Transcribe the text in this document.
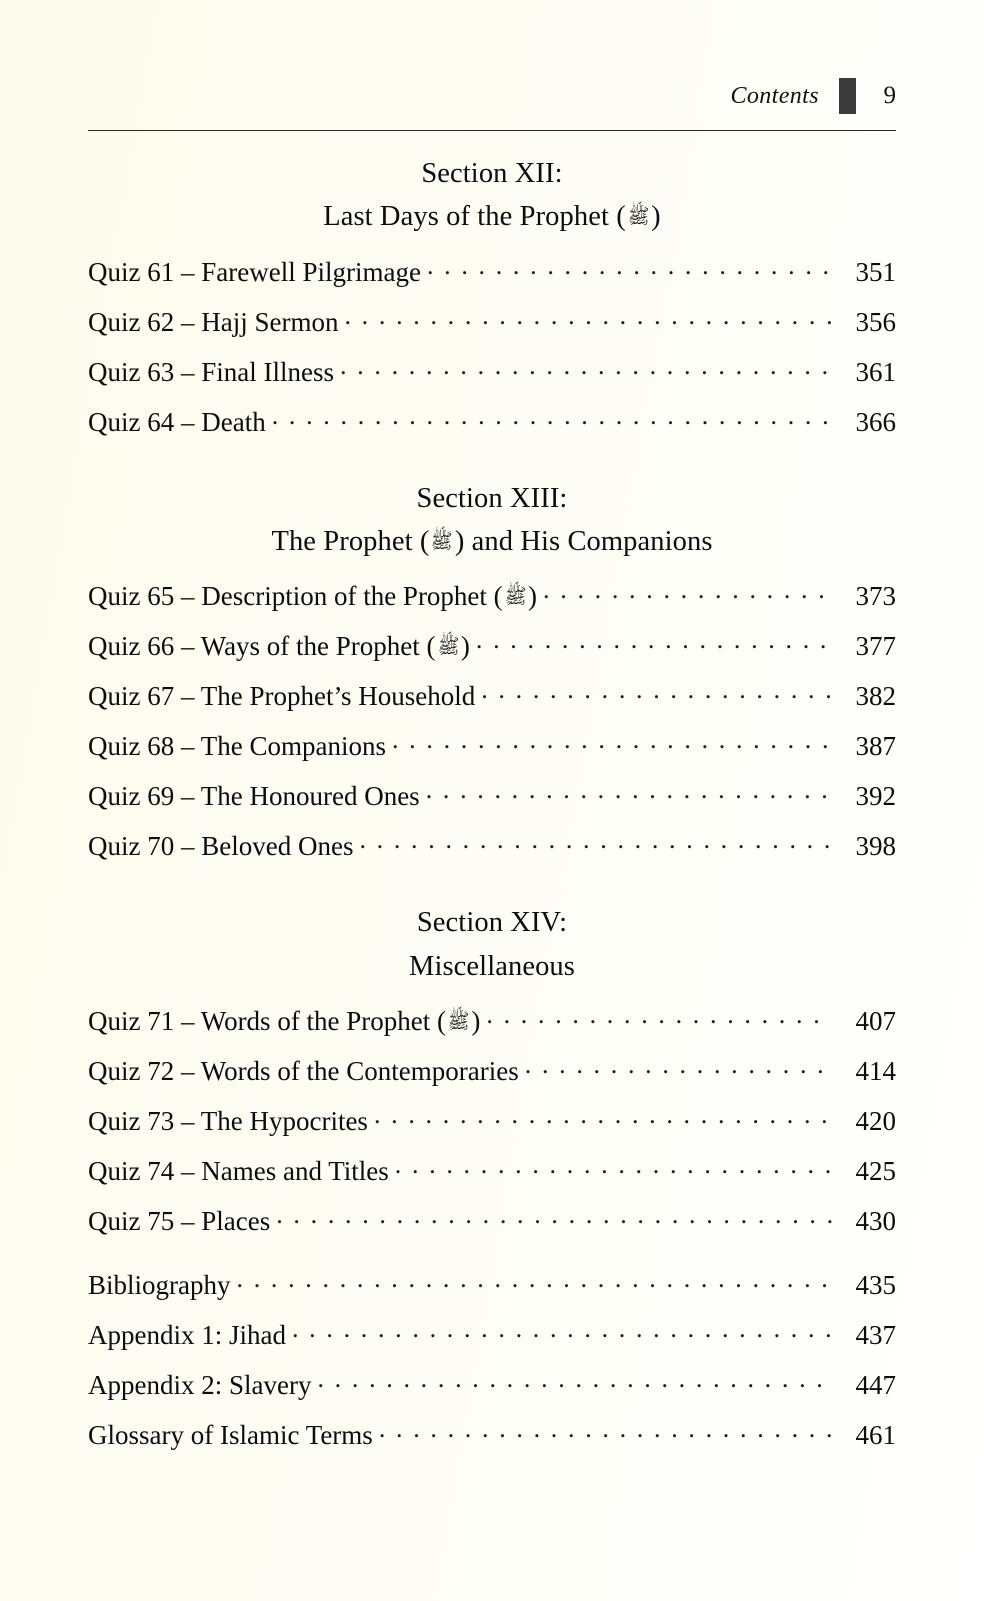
Contents	9
Section XII:
Last Days of the Prophet (ﷺ)
Quiz 61 – Farewell Pilgrimage . . .	351
Quiz 62 – Hajj Sermon . . .	356
Quiz 63 – Final Illness . . .	361
Quiz 64 – Death . . .	366
Section XIII:
The Prophet (ﷺ) and His Companions
Quiz 65 – Description of the Prophet (ﷺ) . . .	373
Quiz 66 – Ways of the Prophet (ﷺ) . . .	377
Quiz 67 – The Prophet’s Household . . .	382
Quiz 68 – The Companions . . .	387
Quiz 69 – The Honoured Ones . . .	392
Quiz 70 – Beloved Ones . . .	398
Section XIV:
Miscellaneous
Quiz 71 – Words of the Prophet (ﷺ) . . .	407
Quiz 72 – Words of the Contemporaries . . .	414
Quiz 73 – The Hypocrites . . .	420
Quiz 74 – Names and Titles . . .	425
Quiz 75 – Places . . .	430
Bibliography . . .	435
Appendix 1: Jihad . . .	437
Appendix 2: Slavery . . .	447
Glossary of Islamic Terms . . .	461
